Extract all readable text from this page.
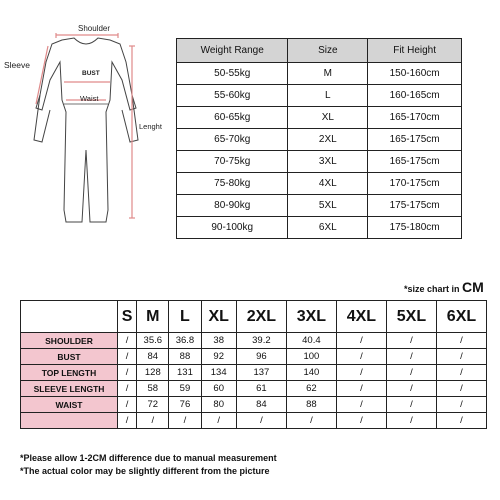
Shoulder
Sleeve
BUST
Waist
Lenght
Weight Range	Size	Fit Height
50-55kg	M	150-160cm
55-60kg	L	160-165cm
60-65kg	XL	165-170cm
65-70kg	2XL	165-175cm
70-75kg	3XL	165-175cm
75-80kg	4XL	170-175cm
80-90kg	5XL	175-175cm
90-100kg	6XL	175-180cm
*size chart in CM
	S	M	L	XL	2XL	3XL	4XL	5XL	6XL
SHOULDER	/	35.6	36.8	38	39.2	40.4	/	/	/
BUST	/	84	88	92	96	100	/	/	/
TOP LENGTH	/	128	131	134	137	140	/	/	/
SLEEVE LENGTH	/	58	59	60	61	62	/	/	/
WAIST	/	72	76	80	84	88	/	/	/
	/	/	/	/	/	/	/	/	/
*Please allow 1-2CM difference due to manual measurement
*The actual color may be slightly different from the picture
